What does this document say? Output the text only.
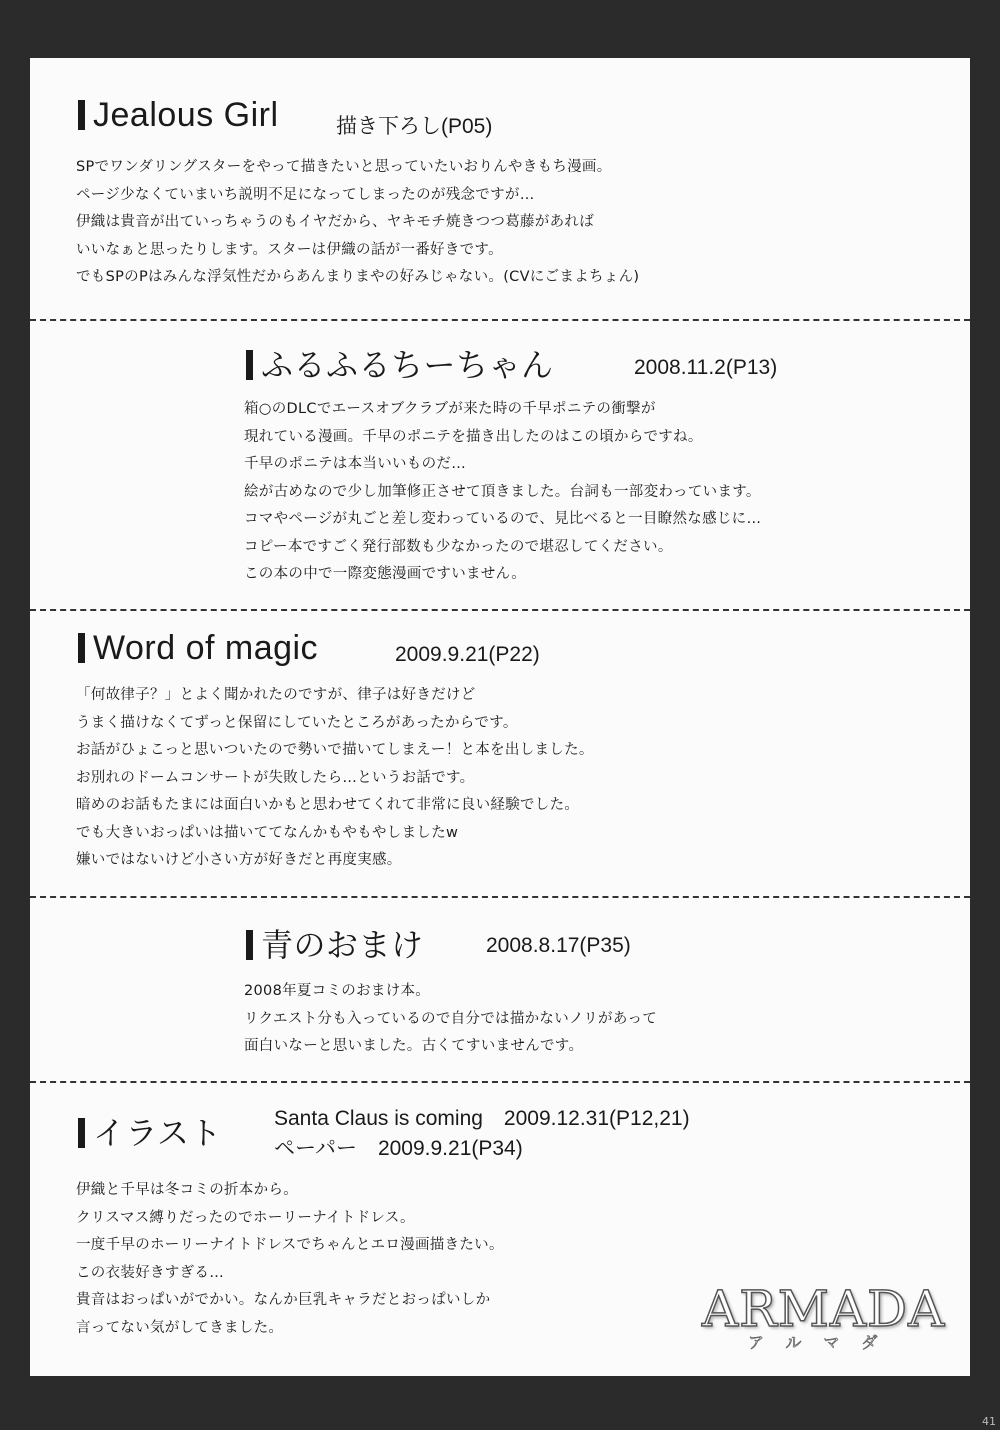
Jealous Girl	描き下ろし(P05)
SPでワンダリングスターをやって描きたいと思っていたいおりんやきもち漫画。
ページ少なくていまいち説明不足になってしまったのが残念ですが…
伊織は貴音が出ていっちゃうのもイヤだから、ヤキモチ焼きつつ葛藤があれば
いいなぁと思ったりします。スターは伊織の話が一番好きです。
でもSPのPはみんな浮気性だからあんまりまやの好みじゃない。(CVにごまよちょん)
ふるふるちーちゃん	2008.11.2(P13)
箱○のDLCでエースオブクラブが来た時の千早ポニテの衝撃が
現れている漫画。千早のポニテを描き出したのはこの頃からですね。
千早のポニテは本当いいものだ…
絵が古めなので少し加筆修正させて頂きました。台詞も一部変わっています。
コマやページが丸ごと差し変わっているので、見比べると一目瞭然な感じに…
コピー本ですごく発行部数も少なかったので堪忍してください。
この本の中で一際変態漫画ですいません。
Word of magic	2009.9.21(P22)
「何故律子？」とよく聞かれたのですが、律子は好きだけど
うまく描けなくてずっと保留にしていたところがあったからです。
お話がひょこっと思いついたので勢いで描いてしまえー！と本を出しました。
お別れのドームコンサートが失敗したら…というお話です。
暗めのお話もたまには面白いかもと思わせてくれて非常に良い経験でした。
でも大きいおっぱいは描いててなんかもやもやしましたw
嫌いではないけど小さい方が好きだと再度実感。
青のおまけ	2008.8.17(P35)
2008年夏コミのおまけ本。
リクエスト分も入っているので自分では描かないノリがあって
面白いなーと思いました。古くてすいませんです。
イラスト Santa Claus is coming　2009.12.31(P12,21)
ペーパー　2009.9.21(P34)
伊織と千早は冬コミの折本から。
クリスマス縛りだったのでホーリーナイトドレス。
一度千早のホーリーナイトドレスでちゃんとエロ漫画描きたい。
この衣装好きすぎる…
貴音はおっぱいがでかい。なんか巨乳キャラだとおっぱいしか
言ってない気がしてきました。	ARMADA
アルマダ
41
